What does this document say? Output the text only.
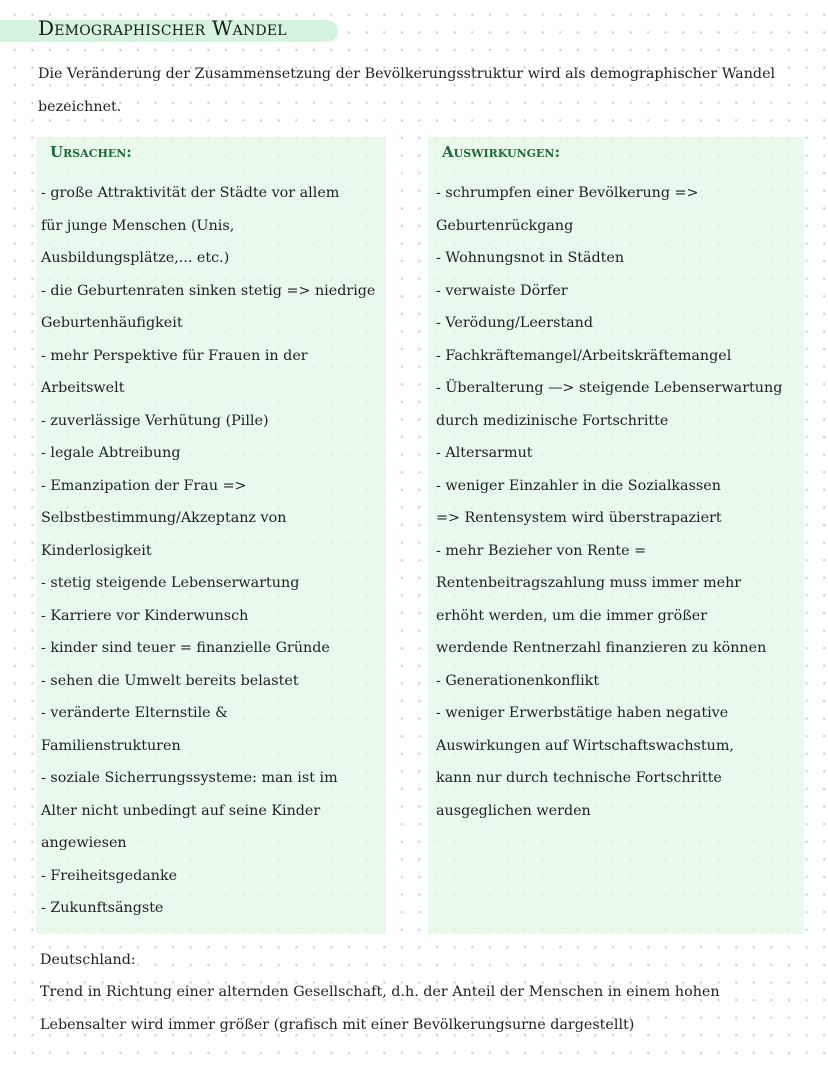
Demographischer Wandel

Die Veränderung der Zusammensetzung der Bevölkerungsstruktur wird als demographischer Wandel bezeichnet.

Ursachen:
- große Attraktivität der Städte vor allem
für junge Menschen (Unis,
Ausbildungsplätze,... etc.)
- die Geburtenraten sinken stetig => niedrige
Geburtenhäufigkeit
- mehr Perspektive für Frauen in der
Arbeitswelt
- zuverlässige Verhütung (Pille)
- legale Abtreibung
- Emanzipation der Frau =>
Selbstbestimmung/Akzeptanz von
Kinderlosigkeit
- stetig steigende Lebenserwartung
- Karriere vor Kinderwunsch
- kinder sind teuer = finanzielle Gründe
- sehen die Umwelt bereits belastet
- veränderte Elternstile &
Familienstrukturen
- soziale Sicherrungssysteme: man ist im
Alter nicht unbedingt auf seine Kinder
angewiesen
- Freiheitsgedanke
- Zukunftsängste
Auswirkungen:
- schrumpfen einer Bevölkerung =>
Geburtenrückgang
- Wohnungsnot in Städten
- verwaiste Dörfer
- Verödung/Leerstand
- Fachkräftemangel/Arbeitskräftemangel
- Überalterung —> steigende Lebenserwartung
durch medizinische Fortschritte
- Altersarmut
- weniger Einzahler in die Sozialkassen
=> Rentensystem wird überstrapaziert
- mehr Bezieher von Rente =
Rentenbeitragszahlung muss immer mehr
erhöht werden, um die immer größer
werdende Rentnerzahl finanzieren zu können
- Generationenkonflikt
- weniger Erwerbstätige haben negative
Auswirkungen auf Wirtschaftswachstum,
kann nur durch technische Fortschritte
ausgeglichen werden

Deutschland:

Trend in Richtung einer alternden Gesellschaft, d.h. der Anteil der Menschen in einem hohen Lebensalter wird immer größer (grafisch mit einer Bevölkerungsurne dargestellt)
